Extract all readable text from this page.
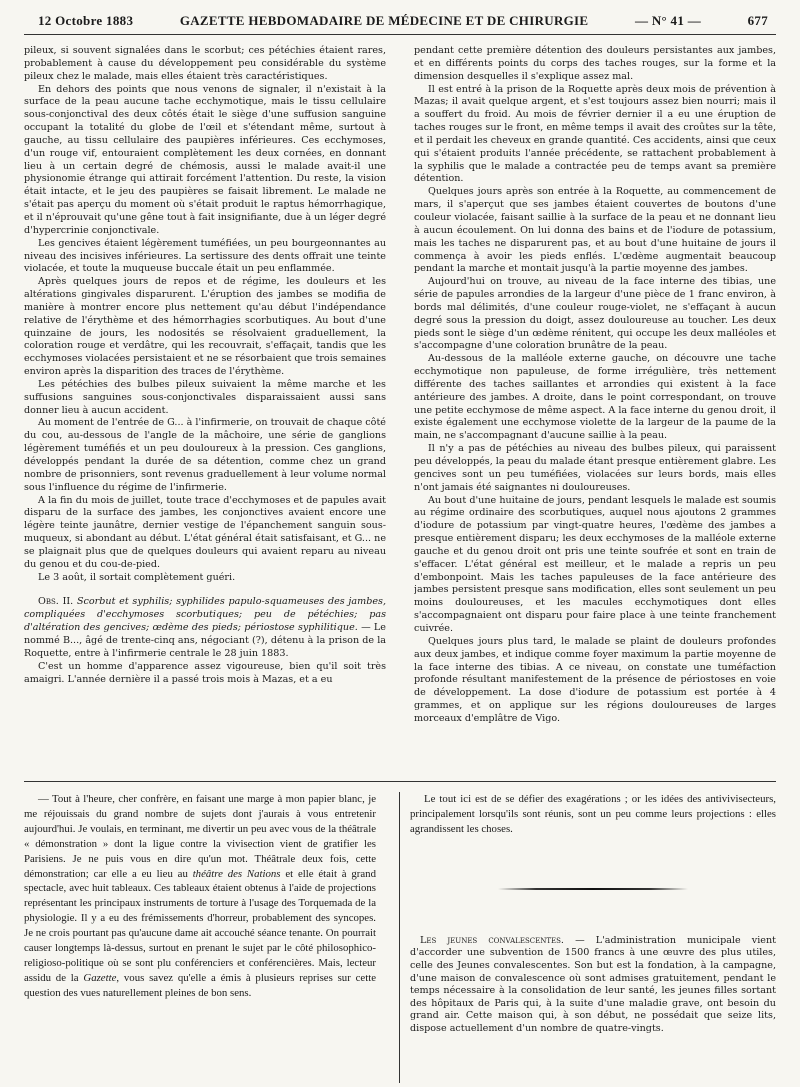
12 Octobre 1883	GAZETTE HEBDOMADAIRE DE MÉDECINE ET DE CHIRURGIE	— N° 41 —	677

pileux, si souvent signalées dans le scorbut; ces pétéchies étaient rares, probablement à cause du développement peu considérable du système pileux chez le malade, mais elles étaient très caractéristiques.

En dehors des points que nous venons de signaler, il n'existait à la surface de la peau aucune tache ecchymotique, mais le tissu cellulaire sous-conjonctival des deux côtés était le siège d'une suffusion sanguine occupant la totalité du globe de l'œil et s'étendant même, surtout à gauche, au tissu cellulaire des paupières inférieures. Ces ecchymoses, d'un rouge vif, entouraient complètement les deux cornées, en donnant lieu à un certain degré de chémosis, aussi le malade avait-il une physionomie étrange qui attirait forcément l'attention. Du reste, la vision était intacte, et le jeu des paupières se faisait librement. Le malade ne s'était pas aperçu du moment où s'était produit le raptus hémorrhagique, et il n'éprouvait qu'une gêne tout à fait insignifiante, due à un léger degré d'hypercrinie conjonctivale.

Les gencives étaient légèrement tuméfiées, un peu bourgeonnantes au niveau des incisives inférieures. La sertissure des dents offrait une teinte violacée, et toute la muqueuse buccale était un peu enflammée.

Après quelques jours de repos et de régime, les douleurs et les altérations gingivales disparurent. L'éruption des jambes se modifia de manière à montrer encore plus nettement qu'au début l'indépendance relative de l'érythème et des hémorrhagies scorbutiques. Au bout d'une quinzaine de jours, les nodosités se résolvaient graduellement, la coloration rouge et verdâtre, qui les recouvrait, s'effaçait, tandis que les ecchymoses violacées persistaient et ne se résorbaient que trois semaines environ après la disparition des traces de l'érythème.

Les pétéchies des bulbes pileux suivaient la même marche et les suffusions sanguines sous-conjonctivales disparaissaient aussi sans donner lieu à aucun accident.

Au moment de l'entrée de G... à l'infirmerie, on trouvait de chaque côté du cou, au-dessous de l'angle de la mâchoire, une série de ganglions légèrement tuméfiés et un peu douloureux à la pression. Ces ganglions, développés pendant la durée de sa détention, comme chez un grand nombre de prisonniers, sont revenus graduellement à leur volume normal sous l'influence du régime de l'infirmerie.

A la fin du mois de juillet, toute trace d'ecchymoses et de papules avait disparu de la surface des jambes, les conjonctives avaient encore une légère teinte jaunâtre, dernier vestige de l'épanchement sanguin sous-muqueux, si abondant au début. L'état général était satisfaisant, et G... ne se plaignait plus que de quelques douleurs qui avaient reparu au niveau du genou et du cou-de-pied.

Le 3 août, il sortait complètement guéri.

Obs. II. Scorbut et syphilis; syphilides papulo-squameuses des jambes, compliquées d'ecchymoses scorbutiques; peu de pétéchies; pas d'altération des gencives; œdème des pieds; périostose syphilitique. — Le nommé B..., âgé de trente-cinq ans, négociant (?), détenu à la prison de la Roquette, entre à l'infirmerie centrale le 28 juin 1883.

C'est un homme d'apparence assez vigoureuse, bien qu'il soit très amaigri. L'année dernière il a passé trois mois à Mazas, et a eu

pendant cette première détention des douleurs persistantes aux jambes, et en différents points du corps des taches rouges, sur la forme et la dimension desquelles il s'explique assez mal.

Il est entré à la prison de la Roquette après deux mois de prévention à Mazas; il avait quelque argent, et s'est toujours assez bien nourri; mais il a souffert du froid. Au mois de février dernier il a eu une éruption de taches rouges sur le front, en même temps il avait des croûtes sur la tête, et il perdait les cheveux en grande quantité. Ces accidents, ainsi que ceux qui s'étaient produits l'année précédente, se rattachent probablement à la syphilis que le malade a contractée peu de temps avant sa première détention.

Quelques jours après son entrée à la Roquette, au commencement de mars, il s'aperçut que ses jambes étaient couvertes de boutons d'une couleur violacée, faisant saillie à la surface de la peau et ne donnant lieu à aucun écoulement. On lui donna des bains et de l'iodure de potassium, mais les taches ne disparurent pas, et au bout d'une huitaine de jours il commença à avoir les pieds enflés. L'œdème augmentait beaucoup pendant la marche et montait jusqu'à la partie moyenne des jambes.

Aujourd'hui on trouve, au niveau de la face interne des tibias, une série de papules arrondies de la largeur d'une pièce de 1 franc environ, à bords mal délimités, d'une couleur rouge-violet, ne s'effaçant à aucun degré sous la pression du doigt, assez douloureuse au toucher. Les deux pieds sont le siège d'un œdème rénitent, qui occupe les deux malléoles et s'accompagne d'une coloration brunâtre de la peau.

Au-dessous de la malléole externe gauche, on découvre une tache ecchymotique non papuleuse, de forme irrégulière, très nettement différente des taches saillantes et arrondies qui existent à la face antérieure des jambes. A droite, dans le point correspondant, on trouve une petite ecchymose de même aspect. A la face interne du genou droit, il existe également une ecchymose violette de la largeur de la paume de la main, ne s'accompagnant d'aucune saillie à la peau.

Il n'y a pas de pétéchies au niveau des bulbes pileux, qui paraissent peu développés, la peau du malade étant presque entièrement glabre. Les gencives sont un peu tuméfiées, violacées sur leurs bords, mais elles n'ont jamais été saignantes ni douloureuses.

Au bout d'une huitaine de jours, pendant lesquels le malade est soumis au régime ordinaire des scorbutiques, auquel nous ajoutons 2 grammes d'iodure de potassium par vingt-quatre heures, l'œdème des jambes a presque entièrement disparu; les deux ecchymoses de la malléole externe gauche et du genou droit ont pris une teinte soufrée et sont en train de s'effacer. L'état général est meilleur, et le malade a repris un peu d'embonpoint. Mais les taches papuleuses de la face antérieure des jambes persistent presque sans modification, elles sont seulement un peu moins douloureuses, et les macules ecchymotiques dont elles s'accompagnaient ont disparu pour faire place à une teinte franchement cuivrée.

Quelques jours plus tard, le malade se plaint de douleurs profondes aux deux jambes, et indique comme foyer maximum la partie moyenne de la face interne des tibias. A ce niveau, on constate une tuméfaction profonde résultant manifestement de la présence de périostoses en voie de développement. La dose d'iodure de potassium est portée à 4 grammes, et on applique sur les régions douloureuses de larges morceaux d'emplâtre de Vigo.

— Tout à l'heure, cher confrère, en faisant une marge à mon papier blanc, je me réjouissais du grand nombre de sujets dont j'aurais à vous entretenir aujourd'hui. Je voulais, en terminant, me divertir un peu avec vous de la théâtrale « démonstration » dont la ligue contre la vivisection vient de gratifier les Parisiens. Je ne puis vous en dire qu'un mot. Théâtrale deux fois, cette démonstration; car elle a eu lieu au théâtre des Nations et elle était à grand spectacle, avec huit tableaux. Ces tableaux étaient obtenus à l'aide de projections représentant les principaux instruments de torture à l'usage des Torquemada de la physiologie. Il y a eu des frémissements d'horreur, probablement des syncopes. Je ne crois pourtant pas qu'aucune dame ait accouché séance tenante. On pourrait causer longtemps là-dessus, surtout en prenant le sujet par le côté philosophico-religioso-politique où se sont plu conférenciers et conférencières. Mais, lecteur assidu de la Gazette, vous savez qu'elle a émis à plusieurs reprises sur cette question des vues naturellement pleines de bon sens.

Le tout ici est de se défier des exagérations ; or les idées des antivivisecteurs, principalement lorsqu'ils sont réunis, sont un peu comme leurs projections : elles agrandissent les choses.

Les jeunes convalescentes. — L'administration municipale vient d'accorder une subvention de 1500 francs à une œuvre des plus utiles, celle des Jeunes convalescentes. Son but est la fondation, à la campagne, d'une maison de convalescence où sont admises gratuitement, pendant le temps nécessaire à la consolidation de leur santé, les jeunes filles sortant des hôpitaux de Paris qui, à la suite d'une maladie grave, ont besoin du grand air. Cette maison qui, à son début, ne possédait que seize lits, dispose actuellement d'un nombre de quatre-vingts.
